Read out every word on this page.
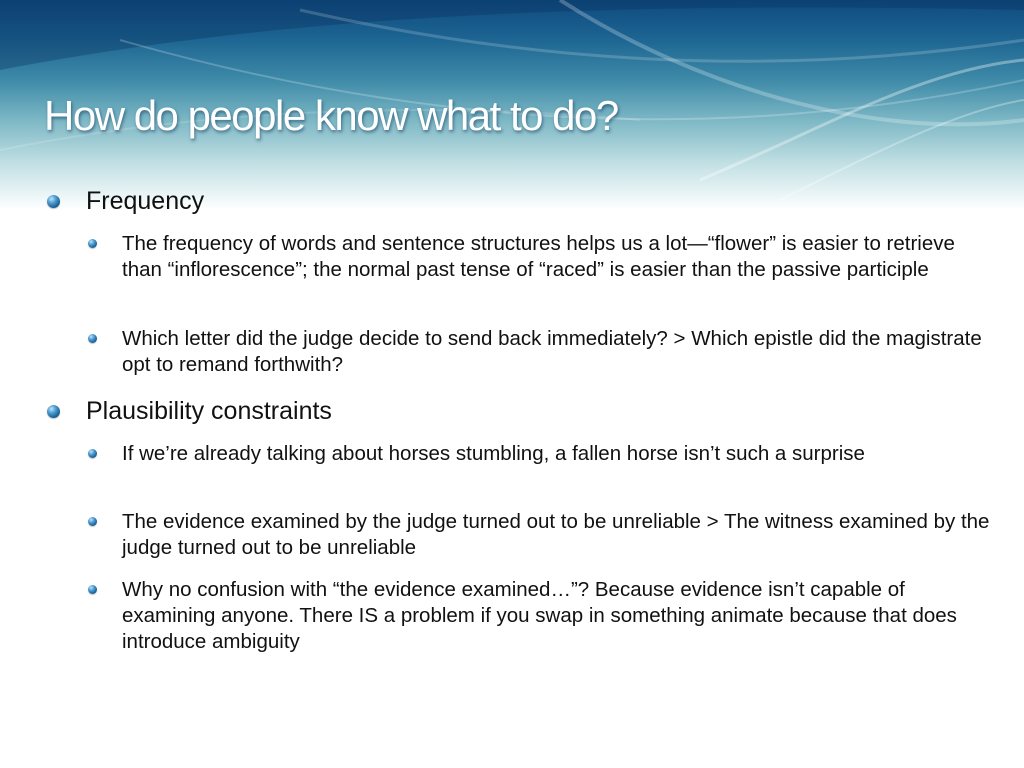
How do people know what to do?
Frequency
The frequency of words and sentence structures helps us a lot—“flower” is easier to retrieve than “inflorescence”; the normal past tense of “raced” is easier than the passive participle
Which letter did the judge decide to send back immediately? > Which epistle did the magistrate opt to remand forthwith?
Plausibility constraints
If we’re already talking about horses stumbling, a fallen horse isn’t such a surprise
The evidence examined by the judge turned out to be unreliable > The witness examined by the judge turned out to be unreliable
Why no confusion with “the evidence examined…”? Because evidence isn’t capable of examining anyone. There IS a problem if you swap in something animate because that does introduce ambiguity
